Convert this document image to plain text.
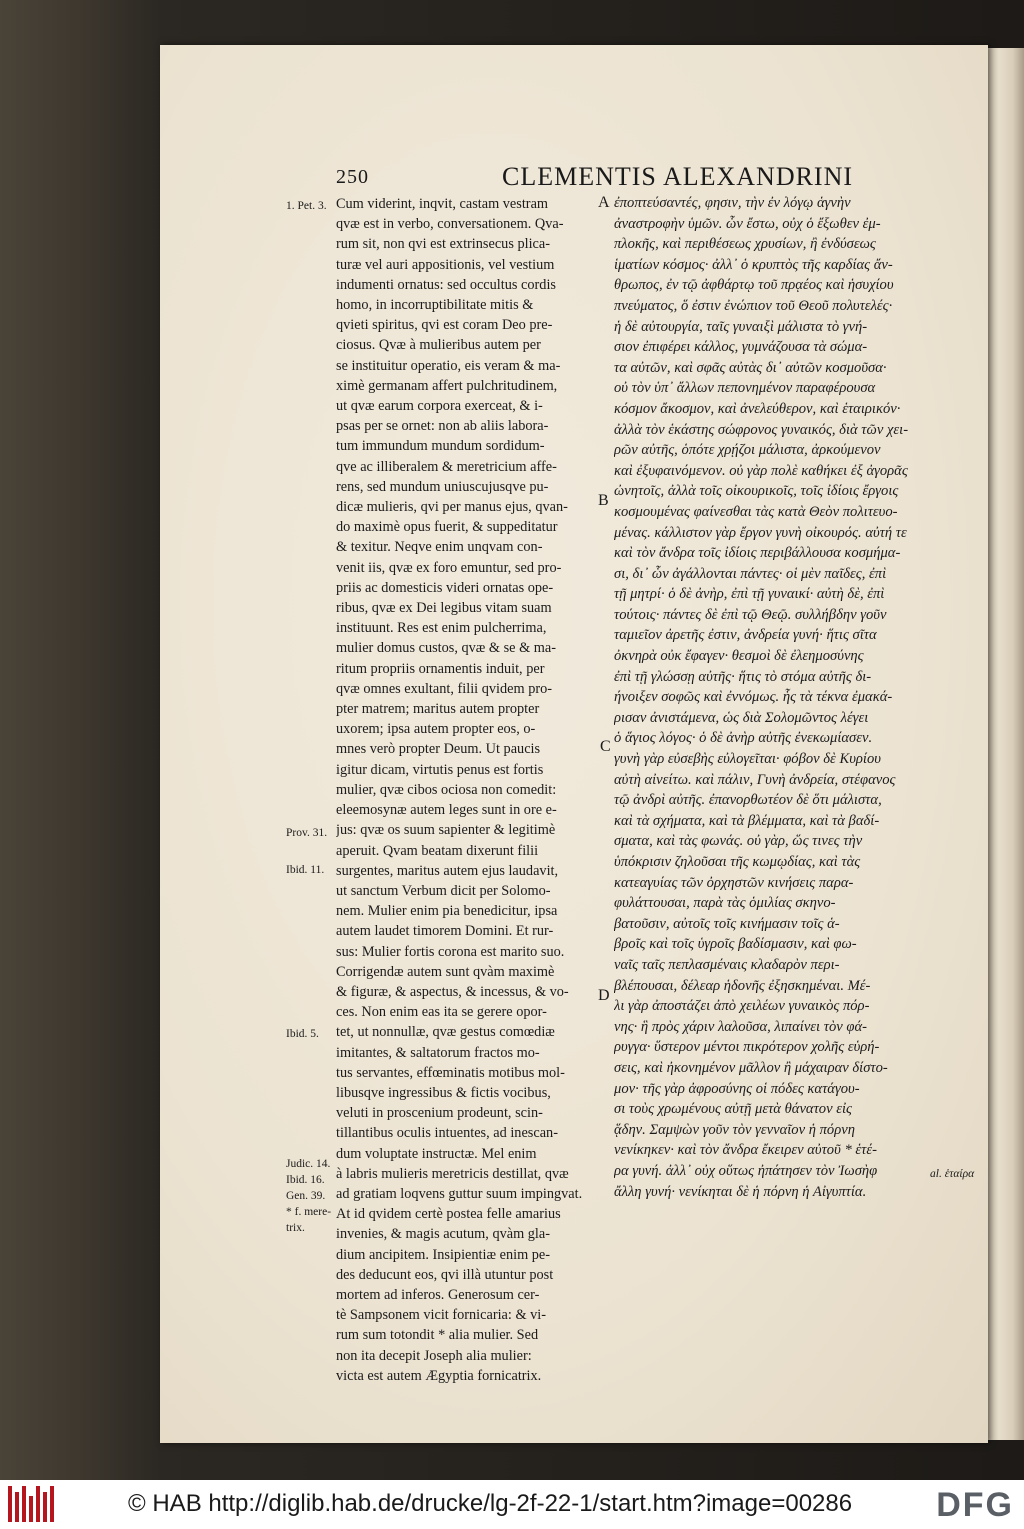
250	CLEMENTIS ALEXANDRINI
Cum viderint, inqvit, castam vestram
qvæ est in verbo, conversationem. Qva-
rum sit, non qvi est extrinsecus plica-
turæ vel auri appositionis, vel vestium
indumenti ornatus: sed occultus cordis
homo, in incorruptibilitate mitis &
qvieti spiritus, qvi est coram Deo pre-
ciosus. Qvæ à mulieribus autem per
se instituitur operatio, eis veram & ma-
ximè germanam affert pulchritudinem,
ut qvæ earum corpora exerceat, & i-
psas per se ornet: non ab aliis labora-
tum immundum mundum sordidum-
qve ac illiberalem & meretricium affe-
rens, sed mundum uniuscujusqve pu-
dicæ mulieris, qvi per manus ejus, qvan-
do maximè opus fuerit, & suppeditatur
& texitur. Neqve enim unqvam con-
venit iis, qvæ ex foro emuntur, sed pro-
priis ac domesticis videri ornatas ope-
ribus, qvæ ex Dei legibus vitam suam
instituunt. Res est enim pulcherrima,
mulier domus custos, qvæ & se & ma-
ritum propriis ornamentis induit, per
qvæ omnes exultant, filii qvidem pro-
pter matrem; maritus autem propter
uxorem; ipsa autem propter eos, o-
mnes verò propter Deum. Ut paucis
igitur dicam, virtutis penus est fortis
mulier, qvæ cibos ociosa non comedit:
eleemosynæ autem leges sunt in ore e-
jus: qvæ os suum sapienter & legitimè
aperuit. Qvam beatam dixerunt filii
surgentes, maritus autem ejus laudavit,
ut sanctum Verbum dicit per Solomo-
nem. Mulier enim pia benedicitur, ipsa
autem laudet timorem Domini. Et rur-
sus: Mulier fortis corona est marito suo.
Corrigendæ autem sunt qvàm maximè
& figuræ, & aspectus, & incessus, & vo-
ces. Non enim eas ita se gerere opor-
tet, ut nonnullæ, qvæ gestus comœdiæ
imitantes, & saltatorum fractos mo-
tus servantes, effœminatis motibus mol-
libusqve ingressibus & fictis vocibus,
veluti in proscenium prodeunt, scin-
tillantibus oculis intuentes, ad inescan-
dum voluptate instructæ. Mel enim
à labris mulieris meretricis destillat, qvæ
ad gratiam loqvens guttur suum impingvat.
At id qvidem certè postea felle amarius
invenies, & magis acutum, qvàm gla-
dium ancipitem. Insipientiæ enim pe-
des deducunt eos, qvi illà utuntur post
mortem ad inferos. Generosum cer-
tè Sampsonem vicit fornicaria: & vi-
rum sum totondit * alia mulier. Sed
non ita decepit Joseph alia mulier:
victa est autem Ægyptia fornicatrix.
ἐποπτεύσαντές, φησιν, τὴν ἐν λόγῳ ἁγνὴν
ἀναστροφὴν ὑμῶν. ὧν ἔστω, οὐχ ὁ ἔξωθεν ἐμ-
πλοκῆς, καὶ περιθέσεως χρυσίων, ἢ ἐνδύσεως
ἱματίων κόσμος· ἀλλ᾽ ὁ κρυπτὸς τῆς καρδίας ἄν-
θρωπος, ἐν τῷ ἀφθάρτῳ τοῦ πρᾳέος καὶ ἡσυχίου
πνεύματος, ὅ ἐστιν ἐνώπιον τοῦ Θεοῦ πολυτελές·
ἡ δὲ αὐτουργία, ταῖς γυναιξὶ μάλιστα τὸ γνή-
σιον ἐπιφέρει κάλλος, γυμνάζουσα τὰ σώμα-
τα αὐτῶν, καὶ σφᾶς αὐτὰς δι᾽ αὐτῶν κοσμοῦσα·
οὐ τὸν ὑπ᾽ ἄλλων πεπονημένον παραφέρουσα
κόσμον ἄκοσμον, καὶ ἀνελεύθερον, καὶ ἑταιρικόν·
ἀλλὰ τὸν ἑκάστης σώφρονος γυναικός, διὰ τῶν χει-
ρῶν αὐτῆς, ὁπότε χρῄζοι μάλιστα, ἀρκούμενον
καὶ ἐξυφαινόμενον. οὐ γὰρ πολὲ καθήκει ἐξ ἀγορᾶς
ὠνητοῖς, ἀλλὰ τοῖς οἰκουρικοῖς, τοῖς ἰδίοις ἔργοις
κοσμουμένας φαίνεσθαι τὰς κατὰ Θεὸν πολιτευο-
μένας. κάλλιστον γὰρ ἔργον γυνὴ οἰκουρός. αὐτή τε
καὶ τὸν ἄνδρα τοῖς ἰδίοις περιβάλλουσα κοσμήμα-
σι, δι᾽ ὧν ἀγάλλονται πάντες· οἱ μὲν παῖδες, ἐπὶ
τῇ μητρί· ὁ δὲ ἀνὴρ, ἐπὶ τῇ γυναικί· αὐτὴ δὲ, ἐπὶ
τούτοις· πάντες δὲ ἐπὶ τῷ Θεῷ. συλλήβδην γοῦν
ταμιεῖον ἀρετῆς ἐστιν, ἀνδρεία γυνή· ἥτις σῖτα
ὀκνηρὰ οὐκ ἔφαγεν· θεσμοὶ δὲ ἐλεημοσύνης
ἐπὶ τῇ γλώσσῃ αὐτῆς· ἥτις τὸ στόμα αὐτῆς δι-
ήνοιξεν σοφῶς καὶ ἐννόμως. ἧς τὰ τέκνα ἐμακά-
ρισαν ἀνιστάμενα, ὡς διὰ Σολομῶντος λέγει
ὁ ἅγιος λόγος· ὁ δὲ ἀνὴρ αὐτῆς ἐνεκωμίασεν.
γυνὴ γὰρ εὐσεβὴς εὐλογεῖται· φόβον δὲ Κυρίου
αὐτὴ αἰνείτω. καὶ πάλιν, Γυνὴ ἀνδρεία, στέφανος
τῷ ἀνδρὶ αὐτῆς. ἐπανορθωτέον δὲ ὅτι μάλιστα,
καὶ τὰ σχήματα, καὶ τὰ βλέμματα, καὶ τὰ βαδί-
σματα, καὶ τὰς φωνάς. οὐ γὰρ, ὥς τινες τὴν
ὑπόκρισιν ζηλοῦσαι τῆς κωμῳδίας, καὶ τὰς
κατεαγυίας τῶν ὀρχηστῶν κινήσεις παρα-
φυλάττουσαι, παρὰ τὰς ὁμιλίας σκηνο-
βατοῦσιν, αὐτοῖς τοῖς κινήμασιν τοῖς ἁ-
βροῖς καὶ τοῖς ὑγροῖς βαδίσμασιν, καὶ φω-
ναῖς ταῖς πεπλασμέναις κλαδαρὸν περι-
βλέπουσαι, δέλεαρ ἡδονῆς ἐξησκημέναι. Μέ-
λι γὰρ ἀποστάζει ἀπὸ χειλέων γυναικὸς πόρ-
νης· ἣ πρὸς χάριν λαλοῦσα, λιπαίνει τὸν φά-
ρυγγα· ὕστερον μέντοι πικρότερον χολῆς εὑρή-
σεις, καὶ ἠκονημένον μᾶλλον ἢ μάχαιραν δίστο-
μον· τῆς γὰρ ἀφροσύνης οἱ πόδες κατάγου-
σι τοὺς χρωμένους αὐτῇ μετὰ θάνατον εἰς
ᾅδην. Σαμψὼν γοῦν τὸν γενναῖον ἡ πόρνη
νενίκηκεν· καὶ τὸν ἄνδρα ἔκειρεν αὐτοῦ * ἑτέ-
ρα γυνή. ἀλλ᾽ οὐχ οὕτως ἠπάτησεν τὸν Ἰωσὴφ
ἄλλη γυνή· νενίκηται δὲ ἡ πόρνη ἡ Αἰγυπτία.
1. Pet. 3.
Prov. 31.
Ibid. 11.
Ibid. 5.
Judic. 14.
Ibid. 16.
Gen. 39.
* f. mere-
trix.
A
B
C
D
al. ἑταίρα
© HAB http://diglib.hab.de/drucke/lg-2f-22-1/start.htm?image=00286 DFG
